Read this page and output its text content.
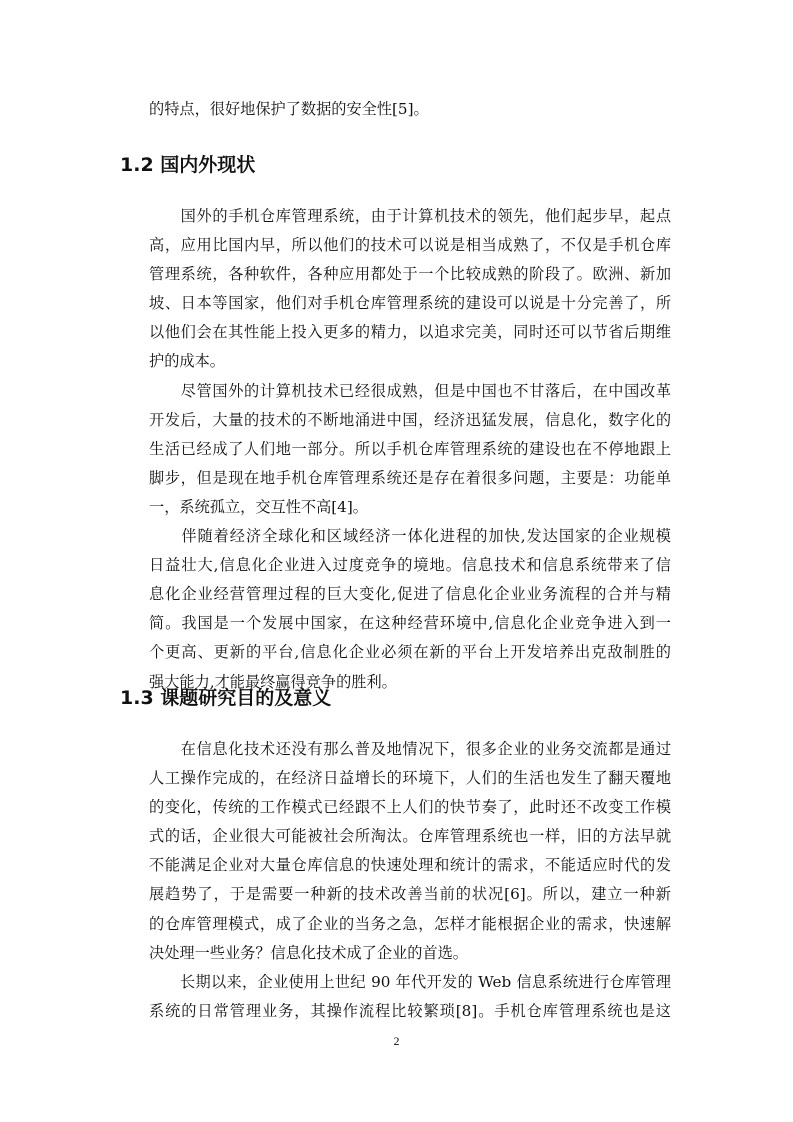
的特点，很好地保护了数据的安全性[5]。
1.2 国内外现状
　　国外的手机仓库管理系统，由于计算机技术的领先，他们起步早，起点
高，应用比国内早，所以他们的技术可以说是相当成熟了，不仅是手机仓库
管理系统，各种软件，各种应用都处于一个比较成熟的阶段了。欧洲、新加
坡、日本等国家，他们对手机仓库管理系统的建设可以说是十分完善了，所
以他们会在其性能上投入更多的精力，以追求完美，同时还可以节省后期维
护的成本。
　　尽管国外的计算机技术已经很成熟，但是中国也不甘落后，在中国改革
开发后，大量的技术的不断地涌进中国，经济迅猛发展，信息化，数字化的
生活已经成了人们地一部分。所以手机仓库管理系统的建设也在不停地跟上
脚步，但是现在地手机仓库管理系统还是存在着很多问题，主要是：功能单
一，系统孤立，交互性不高[4]。
　　伴随着经济全球化和区域经济一体化进程的加快,发达国家的企业规模
日益壮大,信息化企业进入过度竞争的境地。信息技术和信息系统带来了信
息化企业经营管理过程的巨大变化,促进了信息化企业业务流程的合并与精
简。我国是一个发展中国家，在这种经营环境中,信息化企业竞争进入到一
个更高、更新的平台,信息化企业必须在新的平台上开发培养出克敌制胜的
强大能力,才能最终赢得竞争的胜利。
1.3 课题研究目的及意义
　　在信息化技术还没有那么普及地情况下，很多企业的业务交流都是通过
人工操作完成的，在经济日益增长的环境下，人们的生活也发生了翻天覆地
的变化，传统的工作模式已经跟不上人们的快节奏了，此时还不改变工作模
式的话，企业很大可能被社会所淘汰。仓库管理系统也一样，旧的方法早就
不能满足企业对大量仓库信息的快速处理和统计的需求，不能适应时代的发
展趋势了，于是需要一种新的技术改善当前的状况[6]。所以，建立一种新
的仓库管理模式，成了企业的当务之急，怎样才能根据企业的需求，快速解
决处理一些业务？信息化技术成了企业的首选。
　　长期以来，企业使用上世纪 90 年代开发的 Web 信息系统进行仓库管理
系统的日常管理业务，其操作流程比较繁琐[8]。手机仓库管理系统也是这
2
